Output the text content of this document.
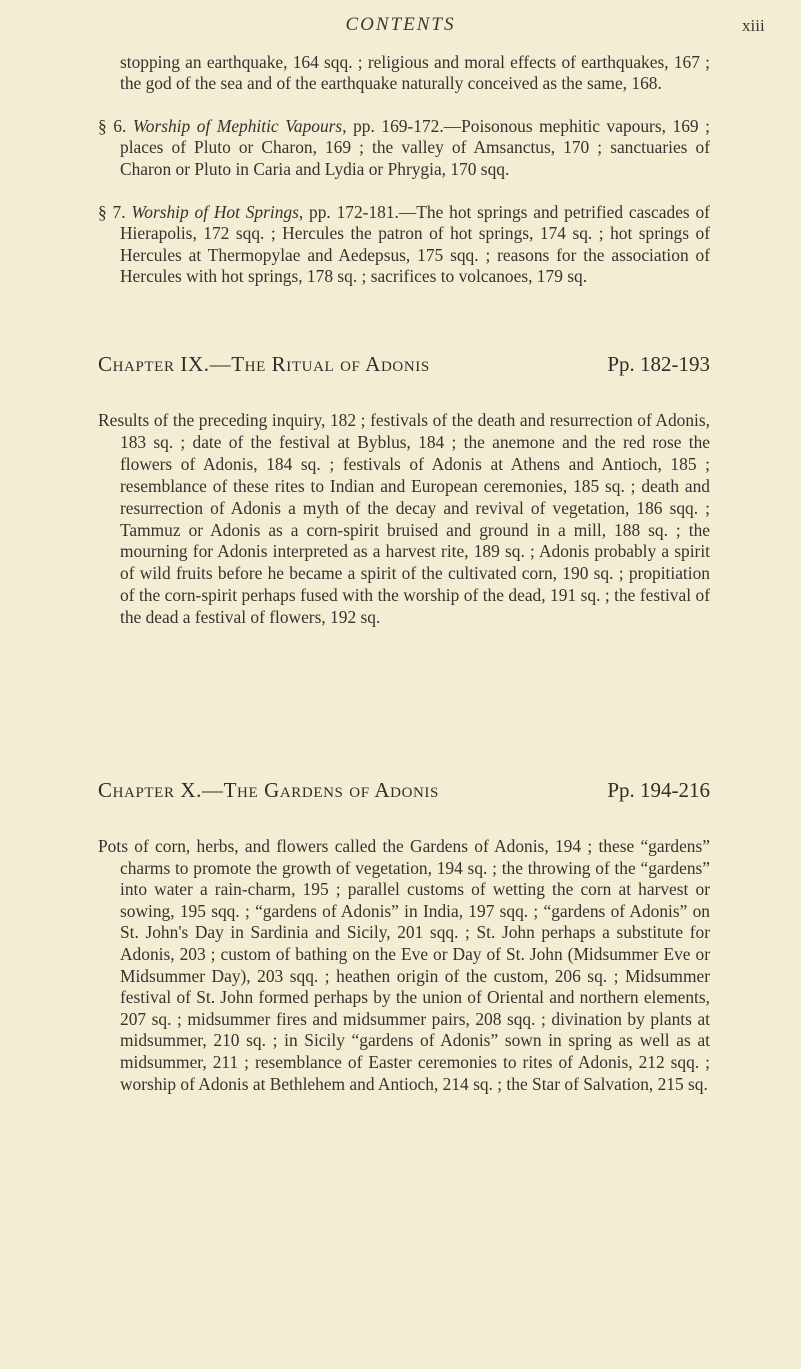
CONTENTS	xiii

stopping an earthquake, 164 sqq. ; religious and moral effects of earthquakes, 167 ; the god of the sea and of the earthquake naturally conceived as the same, 168.

§ 6. Worship of Mephitic Vapours, pp. 169-172.—Poisonous mephitic vapours, 169 ; places of Pluto or Charon, 169 ; the valley of Amsanctus, 170 ; sanctuaries of Charon or Pluto in Caria and Lydia or Phrygia, 170 sqq.

§ 7. Worship of Hot Springs, pp. 172-181.—The hot springs and petrified cascades of Hierapolis, 172 sqq. ; Hercules the patron of hot springs, 174 sq. ; hot springs of Hercules at Thermopylae and Aedepsus, 175 sqq. ; reasons for the association of Hercules with hot springs, 178 sq. ; sacrifices to volcanoes, 179 sq.

Chapter IX.—The Ritual of Adonis	Pp. 182-193

Results of the preceding inquiry, 182 ; festivals of the death and resurrection of Adonis, 183 sq. ; date of the festival at Byblus, 184 ; the anemone and the red rose the flowers of Adonis, 184 sq. ; festivals of Adonis at Athens and Antioch, 185 ; resemblance of these rites to Indian and European ceremonies, 185 sq. ; death and resurrection of Adonis a myth of the decay and revival of vegetation, 186 sqq. ; Tammuz or Adonis as a corn-spirit bruised and ground in a mill, 188 sq. ; the mourning for Adonis interpreted as a harvest rite, 189 sq. ; Adonis probably a spirit of wild fruits before he became a spirit of the cultivated corn, 190 sq. ; propitiation of the corn-spirit perhaps fused with the worship of the dead, 191 sq. ; the festival of the dead a festival of flowers, 192 sq.

Chapter X.—The Gardens of Adonis	Pp. 194-216

Pots of corn, herbs, and flowers called the Gardens of Adonis, 194 ; these “gardens” charms to promote the growth of vegetation, 194 sq. ; the throwing of the “gardens” into water a rain-charm, 195 ; parallel customs of wetting the corn at harvest or sowing, 195 sqq. ; “gardens of Adonis” in India, 197 sqq. ; “gardens of Adonis” on St. John's Day in Sardinia and Sicily, 201 sqq. ; St. John perhaps a substitute for Adonis, 203 ; custom of bathing on the Eve or Day of St. John (Midsummer Eve or Midsummer Day), 203 sqq. ; heathen origin of the custom, 206 sq. ; Midsummer festival of St. John formed perhaps by the union of Oriental and northern elements, 207 sq. ; midsummer fires and midsummer pairs, 208 sqq. ; divination by plants at midsummer, 210 sq. ; in Sicily “gardens of Adonis” sown in spring as well as at midsummer, 211 ; resemblance of Easter ceremonies to rites of Adonis, 212 sqq. ; worship of Adonis at Bethlehem and Antioch, 214 sq. ; the Star of Salvation, 215 sq.
